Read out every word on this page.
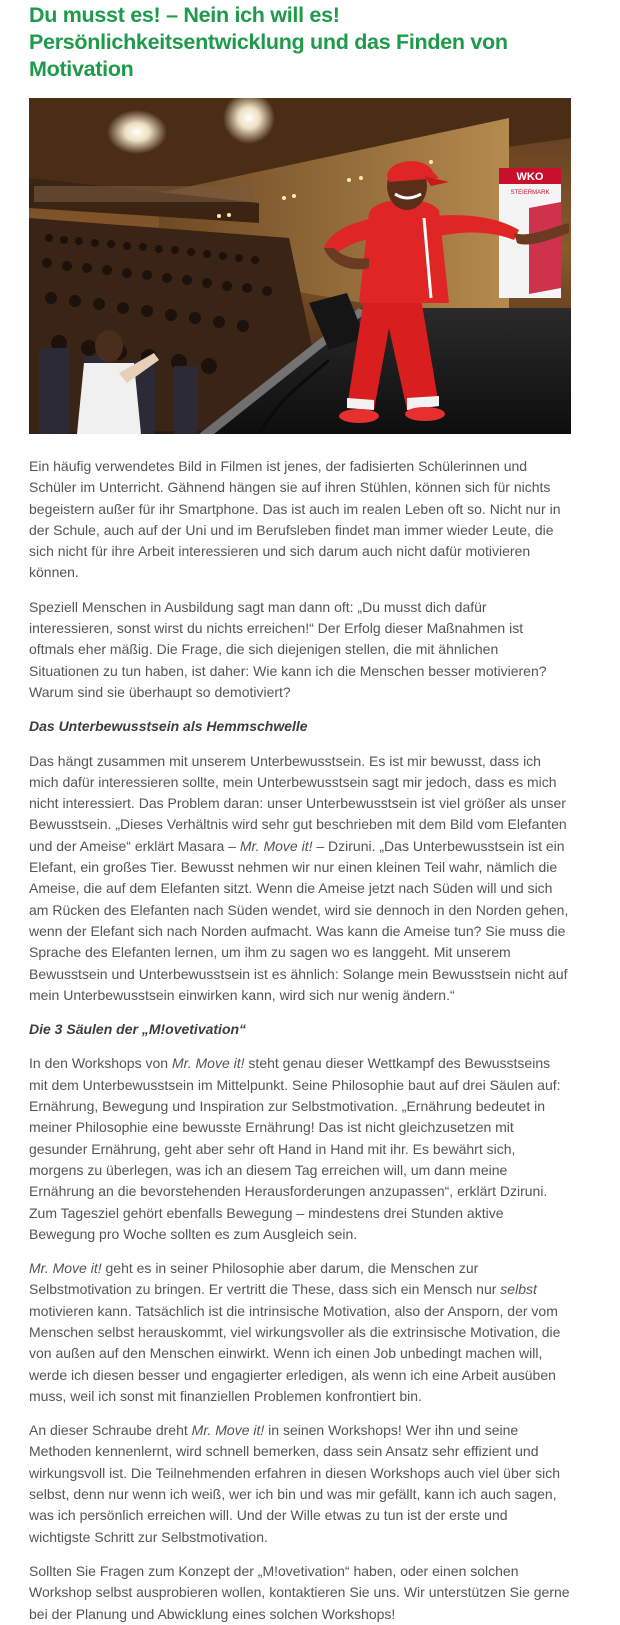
Du musst es! – Nein ich will es! Persönlichkeitsentwicklung und das Finden von Motivation
WKO
STEIERMARK

Ein häufig verwendetes Bild in Filmen ist jenes, der fadisierten Schülerinnen und Schüler im Unterricht. Gähnend hängen sie auf ihren Stühlen, können sich für nichts begeistern außer für ihr Smartphone. Das ist auch im realen Leben oft so. Nicht nur in der Schule, auch auf der Uni und im Berufsleben findet man immer wieder Leute, die sich nicht für ihre Arbeit interessieren und sich darum auch nicht dafür motivieren können.

Speziell Menschen in Ausbildung sagt man dann oft: „Du musst dich dafür interessieren, sonst wirst du nichts erreichen!“ Der Erfolg dieser Maßnahmen ist oftmals eher mäßig. Die Frage, die sich diejenigen stellen, die mit ähnlichen Situationen zu tun haben, ist daher: Wie kann ich die Menschen besser motivieren? Warum sind sie überhaupt so demotiviert?

Das Unterbewusstsein als Hemmschwelle

Das hängt zusammen mit unserem Unterbewusstsein. Es ist mir bewusst, dass ich mich dafür interessieren sollte, mein Unterbewusstsein sagt mir jedoch, dass es mich nicht interessiert. Das Problem daran: unser Unterbewusstsein ist viel größer als unser Bewusstsein. „Dieses Verhältnis wird sehr gut beschrieben mit dem Bild vom Elefanten und der Ameise“ erklärt Masara – Mr. Move it! – Dziruni. „Das Unterbewusstsein ist ein Elefant, ein großes Tier. Bewusst nehmen wir nur einen kleinen Teil wahr, nämlich die Ameise, die auf dem Elefanten sitzt. Wenn die Ameise jetzt nach Süden will und sich am Rücken des Elefanten nach Süden wendet, wird sie dennoch in den Norden gehen, wenn der Elefant sich nach Norden aufmacht. Was kann die Ameise tun? Sie muss die Sprache des Elefanten lernen, um ihm zu sagen wo es langgeht. Mit unserem Bewusstsein und Unterbewusstsein ist es ähnlich: Solange mein Bewusstsein nicht auf mein Unterbewusstsein einwirken kann, wird sich nur wenig ändern.“

Die 3 Säulen der „M!ovetivation“

In den Workshops von Mr. Move it! steht genau dieser Wettkampf des Bewusstseins mit dem Unterbewusstsein im Mittelpunkt. Seine Philosophie baut auf drei Säulen auf: Ernährung, Bewegung und Inspiration zur Selbstmotivation. „Ernährung bedeutet in meiner Philosophie eine bewusste Ernährung! Das ist nicht gleichzusetzen mit gesunder Ernährung, geht aber sehr oft Hand in Hand mit ihr. Es bewährt sich, morgens zu überlegen, was ich an diesem Tag erreichen will, um dann meine Ernährung an die bevorstehenden Herausforderungen anzupassen“, erklärt Dziruni. Zum Tagesziel gehört ebenfalls Bewegung – mindestens drei Stunden aktive Bewegung pro Woche sollten es zum Ausgleich sein.

Mr. Move it! geht es in seiner Philosophie aber darum, die Menschen zur Selbstmotivation zu bringen. Er vertritt die These, dass sich ein Mensch nur selbst motivieren kann. Tatsächlich ist die intrinsische Motivation, also der Ansporn, der vom Menschen selbst herauskommt, viel wirkungsvoller als die extrinsische Motivation, die von außen auf den Menschen einwirkt. Wenn ich einen Job unbedingt machen will, werde ich diesen besser und engagierter erledigen, als wenn ich eine Arbeit ausüben muss, weil ich sonst mit finanziellen Problemen konfrontiert bin.

An dieser Schraube dreht Mr. Move it! in seinen Workshops! Wer ihn und seine Methoden kennenlernt, wird schnell bemerken, dass sein Ansatz sehr effizient und wirkungsvoll ist. Die Teilnehmenden erfahren in diesen Workshops auch viel über sich selbst, denn nur wenn ich weiß, wer ich bin und was mir gefällt, kann ich auch sagen, was ich persönlich erreichen will. Und der Wille etwas zu tun ist der erste und wichtigste Schritt zur Selbstmotivation.

Sollten Sie Fragen zum Konzept der „M!ovetivation“ haben, oder einen solchen Workshop selbst ausprobieren wollen, kontaktieren Sie uns. Wir unterstützen Sie gerne bei der Planung und Abwicklung eines solchen Workshops!
